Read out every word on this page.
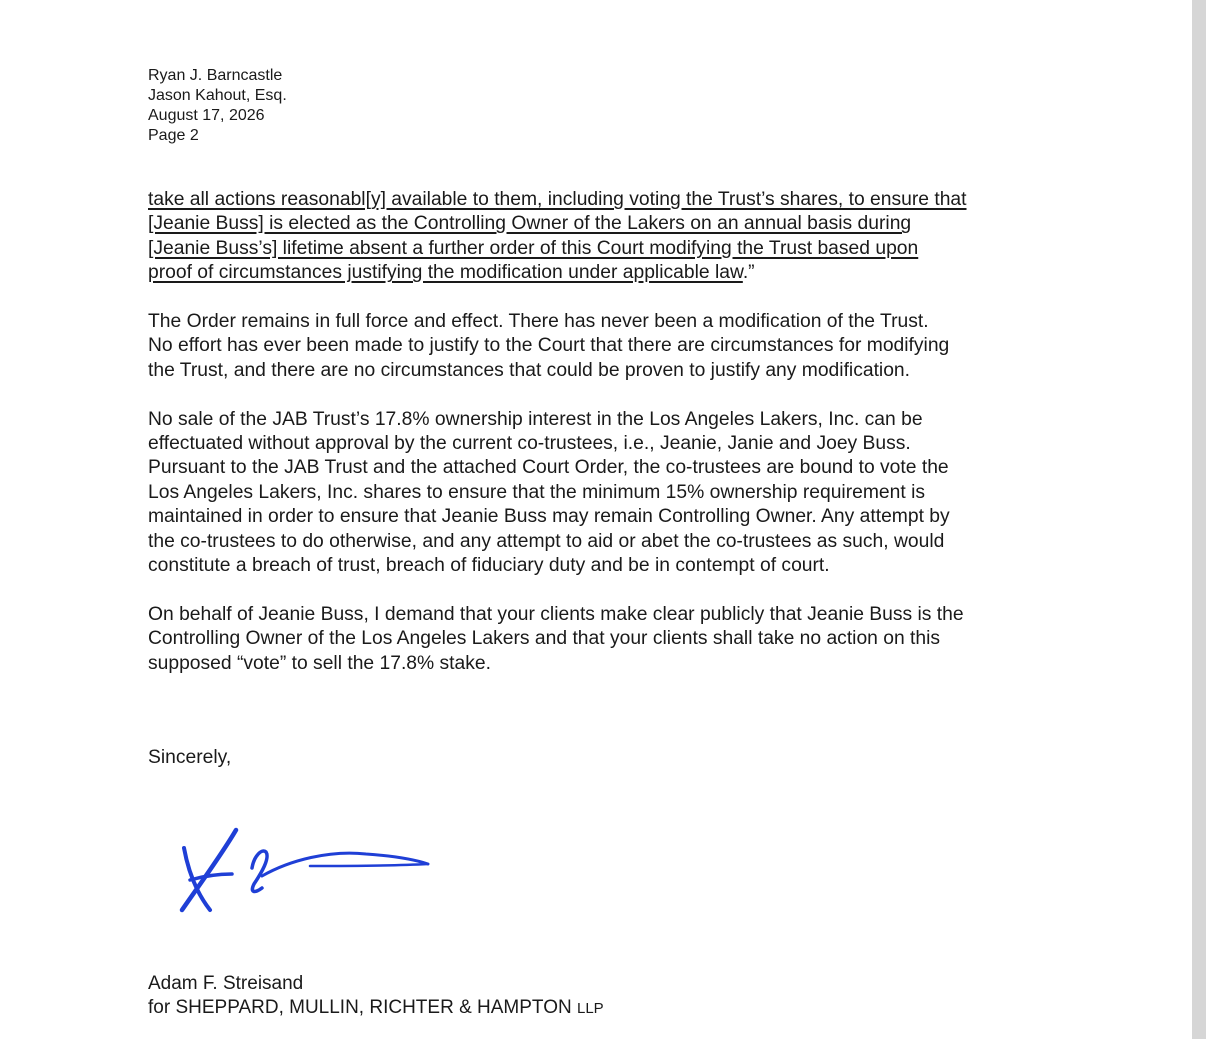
Ryan J. Barncastle
Jason Kahout, Esq.
August 17, 2026
Page 2
take all actions reasonabl[y] available to them, including voting the Trust’s shares, to ensure that
[Jeanie Buss] is elected as the Controlling Owner of the Lakers on an annual basis during
[Jeanie Buss’s] lifetime absent a further order of this Court modifying the Trust based upon
proof of circumstances justifying the modification under applicable law.”
The Order remains in full force and effect. There has never been a modification of the Trust.
No effort has ever been made to justify to the Court that there are circumstances for modifying
the Trust, and there are no circumstances that could be proven to justify any modification.
No sale of the JAB Trust’s 17.8% ownership interest in the Los Angeles Lakers, Inc. can be
effectuated without approval by the current co-trustees, i.e., Jeanie, Janie and Joey Buss.
Pursuant to the JAB Trust and the attached Court Order, the co-trustees are bound to vote the
Los Angeles Lakers, Inc. shares to ensure that the minimum 15% ownership requirement is
maintained in order to ensure that Jeanie Buss may remain Controlling Owner. Any attempt by
the co-trustees to do otherwise, and any attempt to aid or abet the co-trustees as such, would
constitute a breach of trust, breach of fiduciary duty and be in contempt of court.
On behalf of Jeanie Buss, I demand that your clients make clear publicly that Jeanie Buss is the
Controlling Owner of the Los Angeles Lakers and that your clients shall take no action on this
supposed “vote” to sell the 17.8% stake.
Sincerely,
Adam F. Streisand
for SHEPPARD, MULLIN, RICHTER & HAMPTON LLP
